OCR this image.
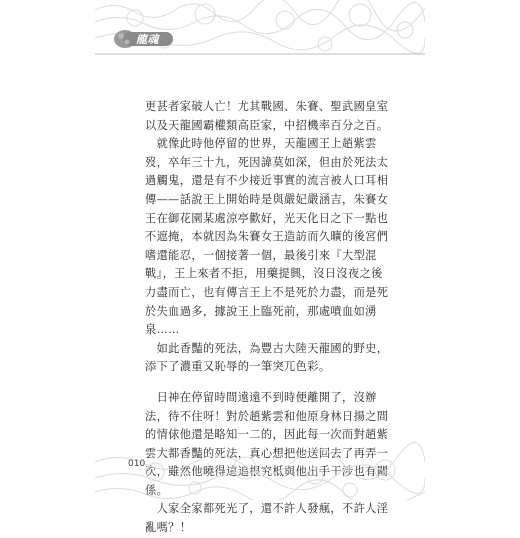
龍魂

更甚者家破人亡！尤其戰國、朱賽、聖武國皇室以及天龍國霸權類高臣家，中招機率百分之百。

就像此時他停留的世界，天龍國王上趙紫雲歿，卒年三十九，死因諱莫如深，但由於死法太過觸鬼，還是有不少接近事實的流言被人口耳相傳——話說王上開始時是與嚴妃嚴涵吉，朱賽女王在御花園某處涼亭歡好，光天化日之下一點也不遮掩，本就因為朱賽女王造訪而久曠的後宮們嗜還能忍，一個接著一個，最後引來『大型混戰』，王上來者不拒，用藥提興，沒日沒夜之後力盡而亡，也有傳言王上不是死於力盡，而是死於失血過多，據說王上臨死前，那處噴血如湧泉……

如此香豔的死法，為豐古大陸天龍國的野史，添下了濃重又恥辱的一筆突兀色彩。

日神在停留時間遠遠不到時便離開了，沒辦法，待不住呀！對於趙紫雲和他原身林日揚之間的情俅他還是略知一二的，因此每一次而對趙紫雲大都香豔的死法，真心想把他送回去了再弄一次，雖然他曉得這追根究柢與他出手干涉也有關係。

人家全家都死光了，還不許人發瘋，不許人淫亂嗎？！

010
